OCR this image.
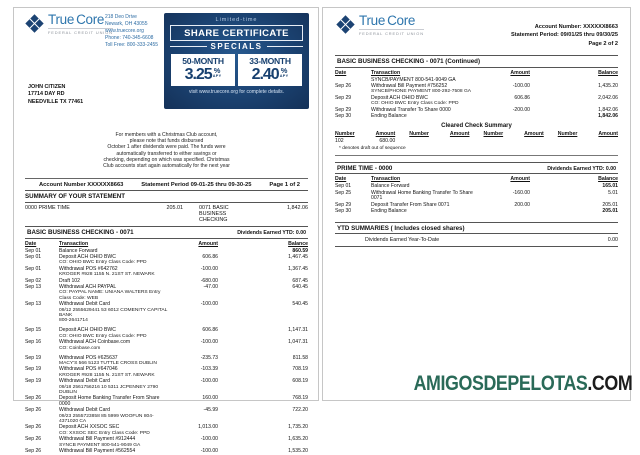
True Core
FEDERAL CREDIT UNION
218 Deo Drive
Newark, OH 43055
www.truecore.org
Phone: 740-345-6608
Toll Free: 800-333-2455
Limited-time
SHARE CERTIFICATE
SPECIALS
50-MONTH
3.25 %
APY
33-MONTH
2.40 %
APY
visit www.truecore.org for complete details.
JOHN CITIZEN
17714 DAY RD
NEEDVILLE TX 77461
For members with a Christmas Club account,
please note that funds disbursed
October 1 after dividends were paid. The funds were
automatically transferred to either savings or
checking, depending on which was specified. Christmas
Club accounts start again automatically for the next year
Account Number XXXXXX8663	Statement Period 09-01-25 thru 09-30-25	Page 1 of 2
SUMMARY OF YOUR STATEMENT
0000 PRIME TIME	205.01	0071 BASIC BUSINESS CHECKING
1,842.06
BASIC BUSINESS CHECKING - 0071	Dividends Earned YTD: 0.00
Date	Transaction	Amount	Balance
Sep 01	Balance Forward	860.59
Sep 01	Deposit ACH OHIO BWC
CO: OHIO BWC Entry Class Code: PPD
606.86	1,467.45
Sep 01	Withdrawal POS #642762
KROGER #928 1155 N. 21ST ST. NEWARK
-100.00	1,367.45
Sep 02	Draft 102	-680.00	687.45
Sep 13	Withdrawal ACH PAYPAL
CO: PAYPAL NAME: UNIANA WALTERS Entry Class Code: WEB
-47.00	640.45
Sep 13	Withdrawal Debit Card
09/12 2555629441 53 6012 COMENITY CAPITAL BANK
800-2641714
-100.00	540.45
Sep 15	Deposit ACH OHIO BWC
CO: OHIO BWC Entry Class Code: PPD
606.86	1,147.31
Sep 16	Withdrawal ACH Coinbase.com
CO: Coinbase.com
-100.00	1,047.31
Sep 19	Withdrawal POS #625637
MACY'S 566 5123 TUTTLE CROSS DUBLIN
-235.73	811.58
Sep 19	Withdrawal POS #647046
KROGER #928 1155 N. 21ST ST. NEWARK
-103.39	708.19
Sep 19	Withdrawal Debit Card
09/18 2561756216 10 5311 JCPENNEY 2790 DUBLIN
-100.00	608.19
Sep 26	Deposit Home Banking Transfer From Share 0000
160.00	768.19
Sep 26	Withdrawal Debit Card
09/23 2555723858 85 5999 WOOFUN 804-4371020 CA
-45.99	722.20
Sep 26	Deposit ACH XXSOC SEC
CO: XXSOC SEC Entry Class Code: PPD
1,013.00	1,735.20
Sep 26	Withdrawal Bill Payment #912444
SYNCB PAYMENT 800-541-9049 GA
-100.00	1,635.20
Sep 26	Withdrawal Bill Payment #562554	-100.00	1,535.20
True Core
FEDERAL CREDIT UNION
Account Number: XXXXXX8663
Statement Period: 09/01/25 thru 09/30/25
Page 2 of 2
BASIC BUSINESS CHECKING - 0071 (Continued)
Date	Transaction	Amount	Balance
SYNCB/PAYMENT 800-541-9049 GA
Sep 26	Withdrawal Bill Payment #756252
SYNCB/PHONE PAYMENT 800-292-7508 GA
-100.00	1,435.20
Sep 29	Deposit ACH OHIO BWC
CO: OHIO BWC Entry Class Code: PPD
606.86	2,042.06
Sep 29	Withdrawal Transfer To Share 0000	-200.00	1,842.06
Sep 30	Ending Balance	1,842.06
Cleared Check Summary
Number	Amount	Number	Amount	Number	Amount	Number	Amount
102	680.00
* denotes draft out of sequence
PRIME TIME - 0000	Dividends Earned YTD: 0.00
Date	Transaction	Amount	Balance
Sep 01	Balance Forward	165.01
Sep 25	Withdrawal Home Banking Transfer To Share 0071
-160.00	5.01
Sep 29	Deposit Transfer From Share 0071	200.00	205.01
Sep 30	Ending Balance	205.01
YTD SUMMARIES ( Includes closed shares)
Dividends Earned Year-To-Date	0.00
AMIGOSDEPELOTAS.COM
